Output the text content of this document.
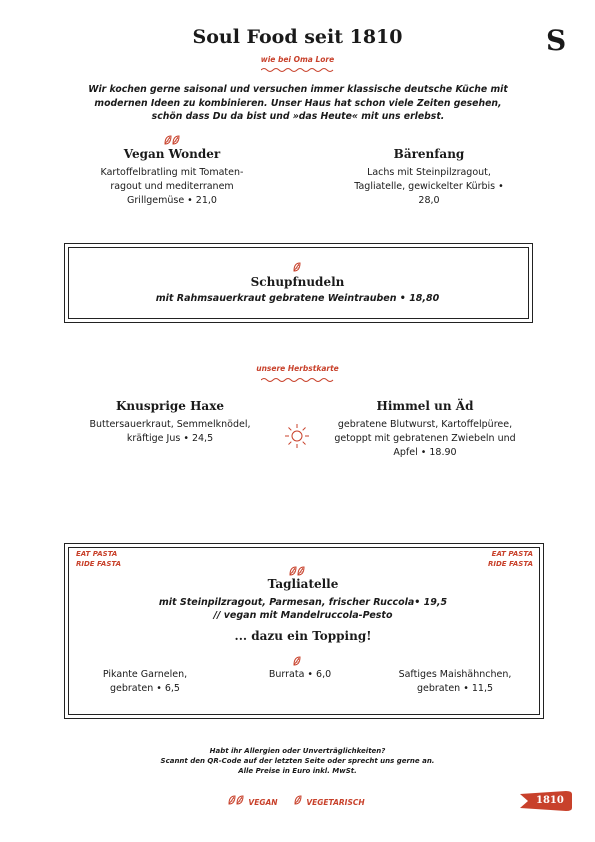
Soul Food seit 1810	S
wie bei Oma Lore
Wir kochen gerne saisonal und versuchen immer klassische deutsche Küche mit modernen Ideen zu kombinieren. Unser Haus hat schon viele Zeiten gesehen, schön dass Du da bist und »das Heute« mit uns erlebst.
Vegan Wonder
Kartoffelbratling mit Tomaten-ragout und mediterranem Grillgemüse • 21,0
Bärenfang
Lachs mit Steinpilzragout, Tagliatelle, gewickelter Kürbis • 28,0
Schupfnudeln
mit Rahmsauerkraut gebratene Weintrauben • 18,80
unsere Herbstkarte
Knusprige Haxe
Buttersauerkraut, Semmelknödel, kräftige Jus • 24,5
Himmel un Äd
gebratene Blutwurst, Kartoffelpüree, getoppt mit gebratenen Zwiebeln und Apfel • 18.90
EAT PASTA
RIDE FASTA
EAT PASTA
RIDE FASTA
Tagliatelle
mit Steinpilzragout, Parmesan, frischer Ruccola• 19,5
// vegan mit Mandelruccola-Pesto
... dazu ein Topping!
Pikante Garnelen, gebraten • 6,5
Burrata • 6,0	Saftiges Maishähnchen, gebraten • 11,5
Habt ihr Allergien oder Unverträglichkeiten?
Scannt den QR-Code auf der letzten Seite oder sprecht uns gerne an.
Alle Preise in Euro inkl. MwSt.
VEGAN	VEGETARISCH	1810
